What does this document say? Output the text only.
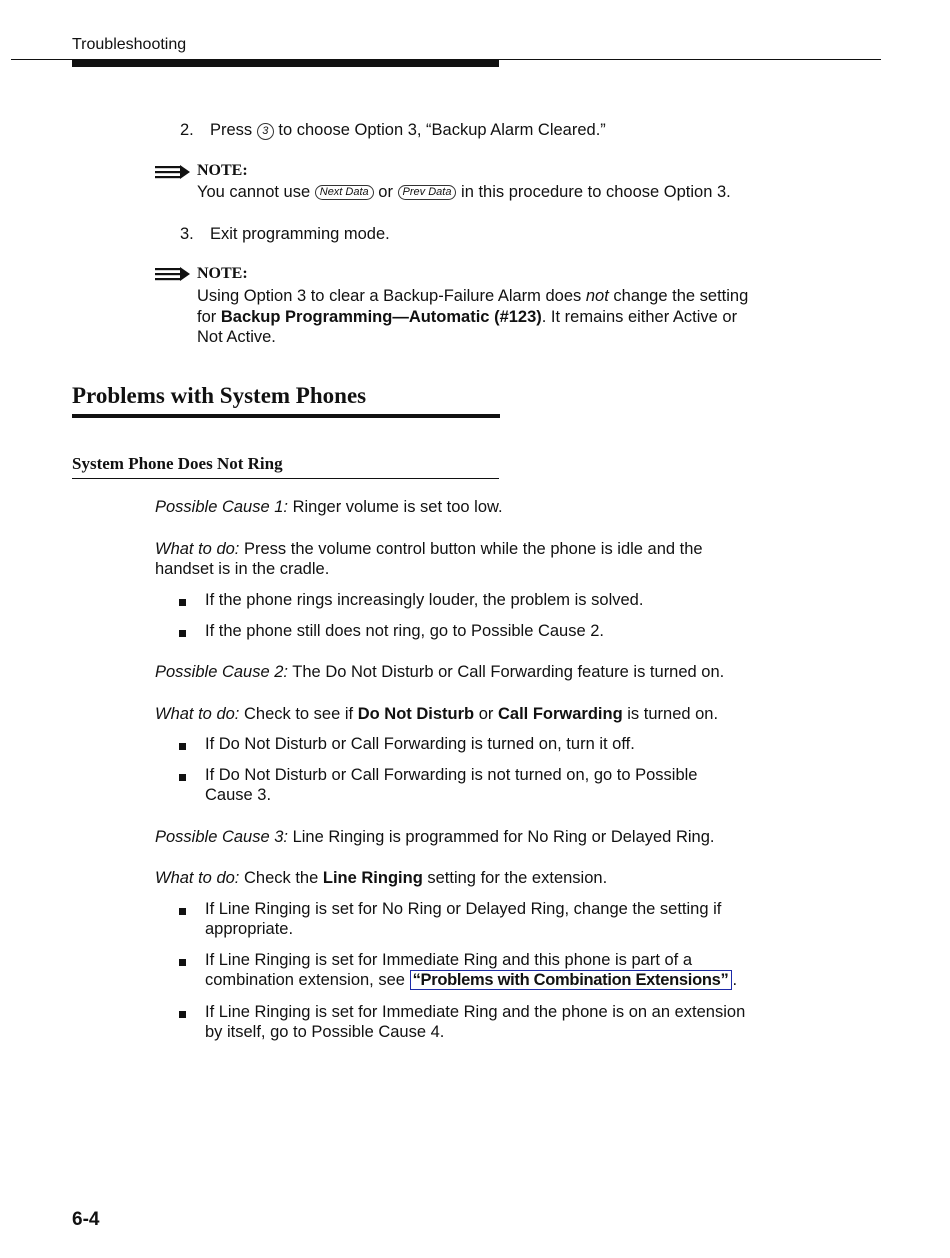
Troubleshooting
2. Press 3 to choose Option 3, “Backup Alarm Cleared.”
NOTE:
You cannot use Next Data or Prev Data in this procedure to choose Option 3.
3. Exit programming mode.
NOTE:
Using Option 3 to clear a Backup-Failure Alarm does not change the setting
for Backup Programming—Automatic (#123). It remains either Active or
Not Active.
Problems with System Phones
System Phone Does Not Ring
Possible Cause 1: Ringer volume is set too low.
What to do: Press the volume control button while the phone is idle and the
handset is in the cradle.
If the phone rings increasingly louder, the problem is solved.
If the phone still does not ring, go to Possible Cause 2.
Possible Cause 2: The Do Not Disturb or Call Forwarding feature is turned on.
What to do: Check to see if Do Not Disturb or Call Forwarding is turned on.
If Do Not Disturb or Call Forwarding is turned on, turn it off.
If Do Not Disturb or Call Forwarding is not turned on, go to Possible
Cause 3.
Possible Cause 3: Line Ringing is programmed for No Ring or Delayed Ring.
What to do: Check the Line Ringing setting for the extension.
If Line Ringing is set for No Ring or Delayed Ring, change the setting if
appropriate.
If Line Ringing is set for Immediate Ring and this phone is part of a
combination extension, see “Problems with Combination Extensions” .
If Line Ringing is set for Immediate Ring and the phone is on an extension
by itself, go to Possible Cause 4.
6-4
